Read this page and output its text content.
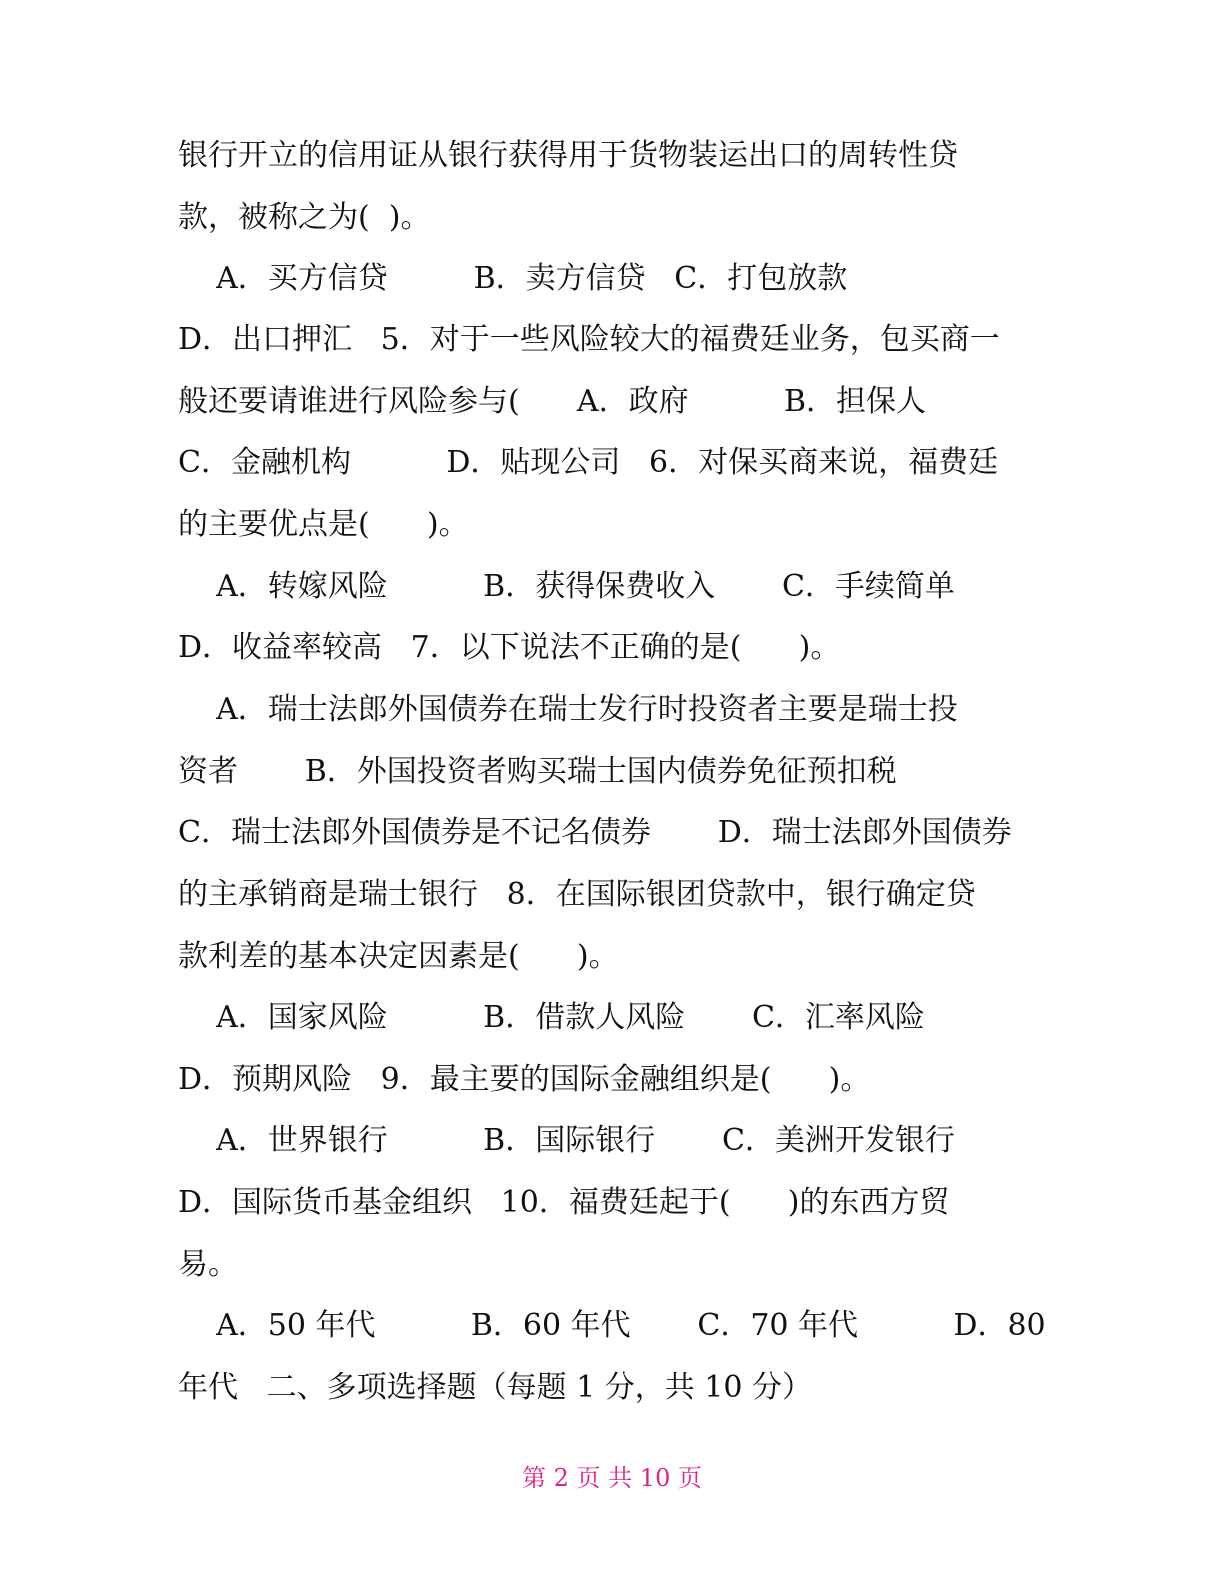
银行开立的信用证从银行获得用于货物装运出口的周转性贷
款，被称之为(  )。
A．买方信贷         B．卖方信贷   C．打包放款
D．出口押汇   5．对于一些风险较大的福费廷业务，包买商一
般还要请谁进行风险参与(      A．政府          B．担保人
C．金融机构          D．贴现公司   6．对保买商来说，福费廷
的主要优点是(      )。
A．转嫁风险          B．获得保费收入       C．手续简单
D．收益率较高   7．以下说法不正确的是(      )。
A．瑞士法郎外国债券在瑞士发行时投资者主要是瑞士投
资者       B．外国投资者购买瑞士国内债券免征预扣税
C．瑞士法郎外国债券是不记名债券       D．瑞士法郎外国债券
的主承销商是瑞士银行   8．在国际银团贷款中，银行确定贷
款利差的基本决定因素是(      )。
A．国家风险          B．借款人风险       C．汇率风险
D．预期风险   9．最主要的国际金融组织是(      )。
A．世界银行          B．国际银行       C．美洲开发银行
D．国际货币基金组织   10．福费廷起于(      )的东西方贸
易。
A．50 年代          B．60 年代       C．70 年代          D．80
年代   二、多项选择题（每题 1 分，共 10 分）
第 2 页 共 10 页
